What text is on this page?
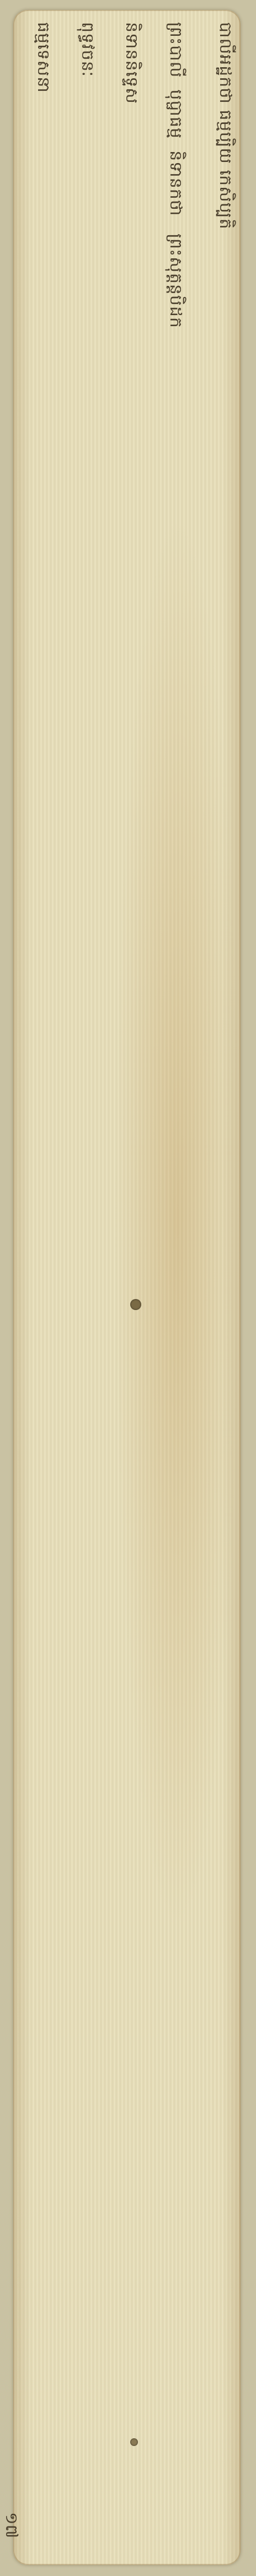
បាលីអដ្ឋកថា ធម្មប្បិយ ​កេសិប្បតិ​
ព្រះបាលី ​​ បុប្ផាធម្ម ​ និទានកថា ​ ​ ព្រះសុត្តន្តបិដក
និទាននិទ្ទេស ​ ​ ​ ​ ​ ​ ​ ​ ​ ​ ​ ​
ពុទ្ធវចនៈ ​ ​ ​ ​ ​ ​ ​ ​ ​ ​ ​
ធម្មទេសនា ​ ​ ​ ​ ​ ​ ​ ​ ​ ​ ​
១៧
